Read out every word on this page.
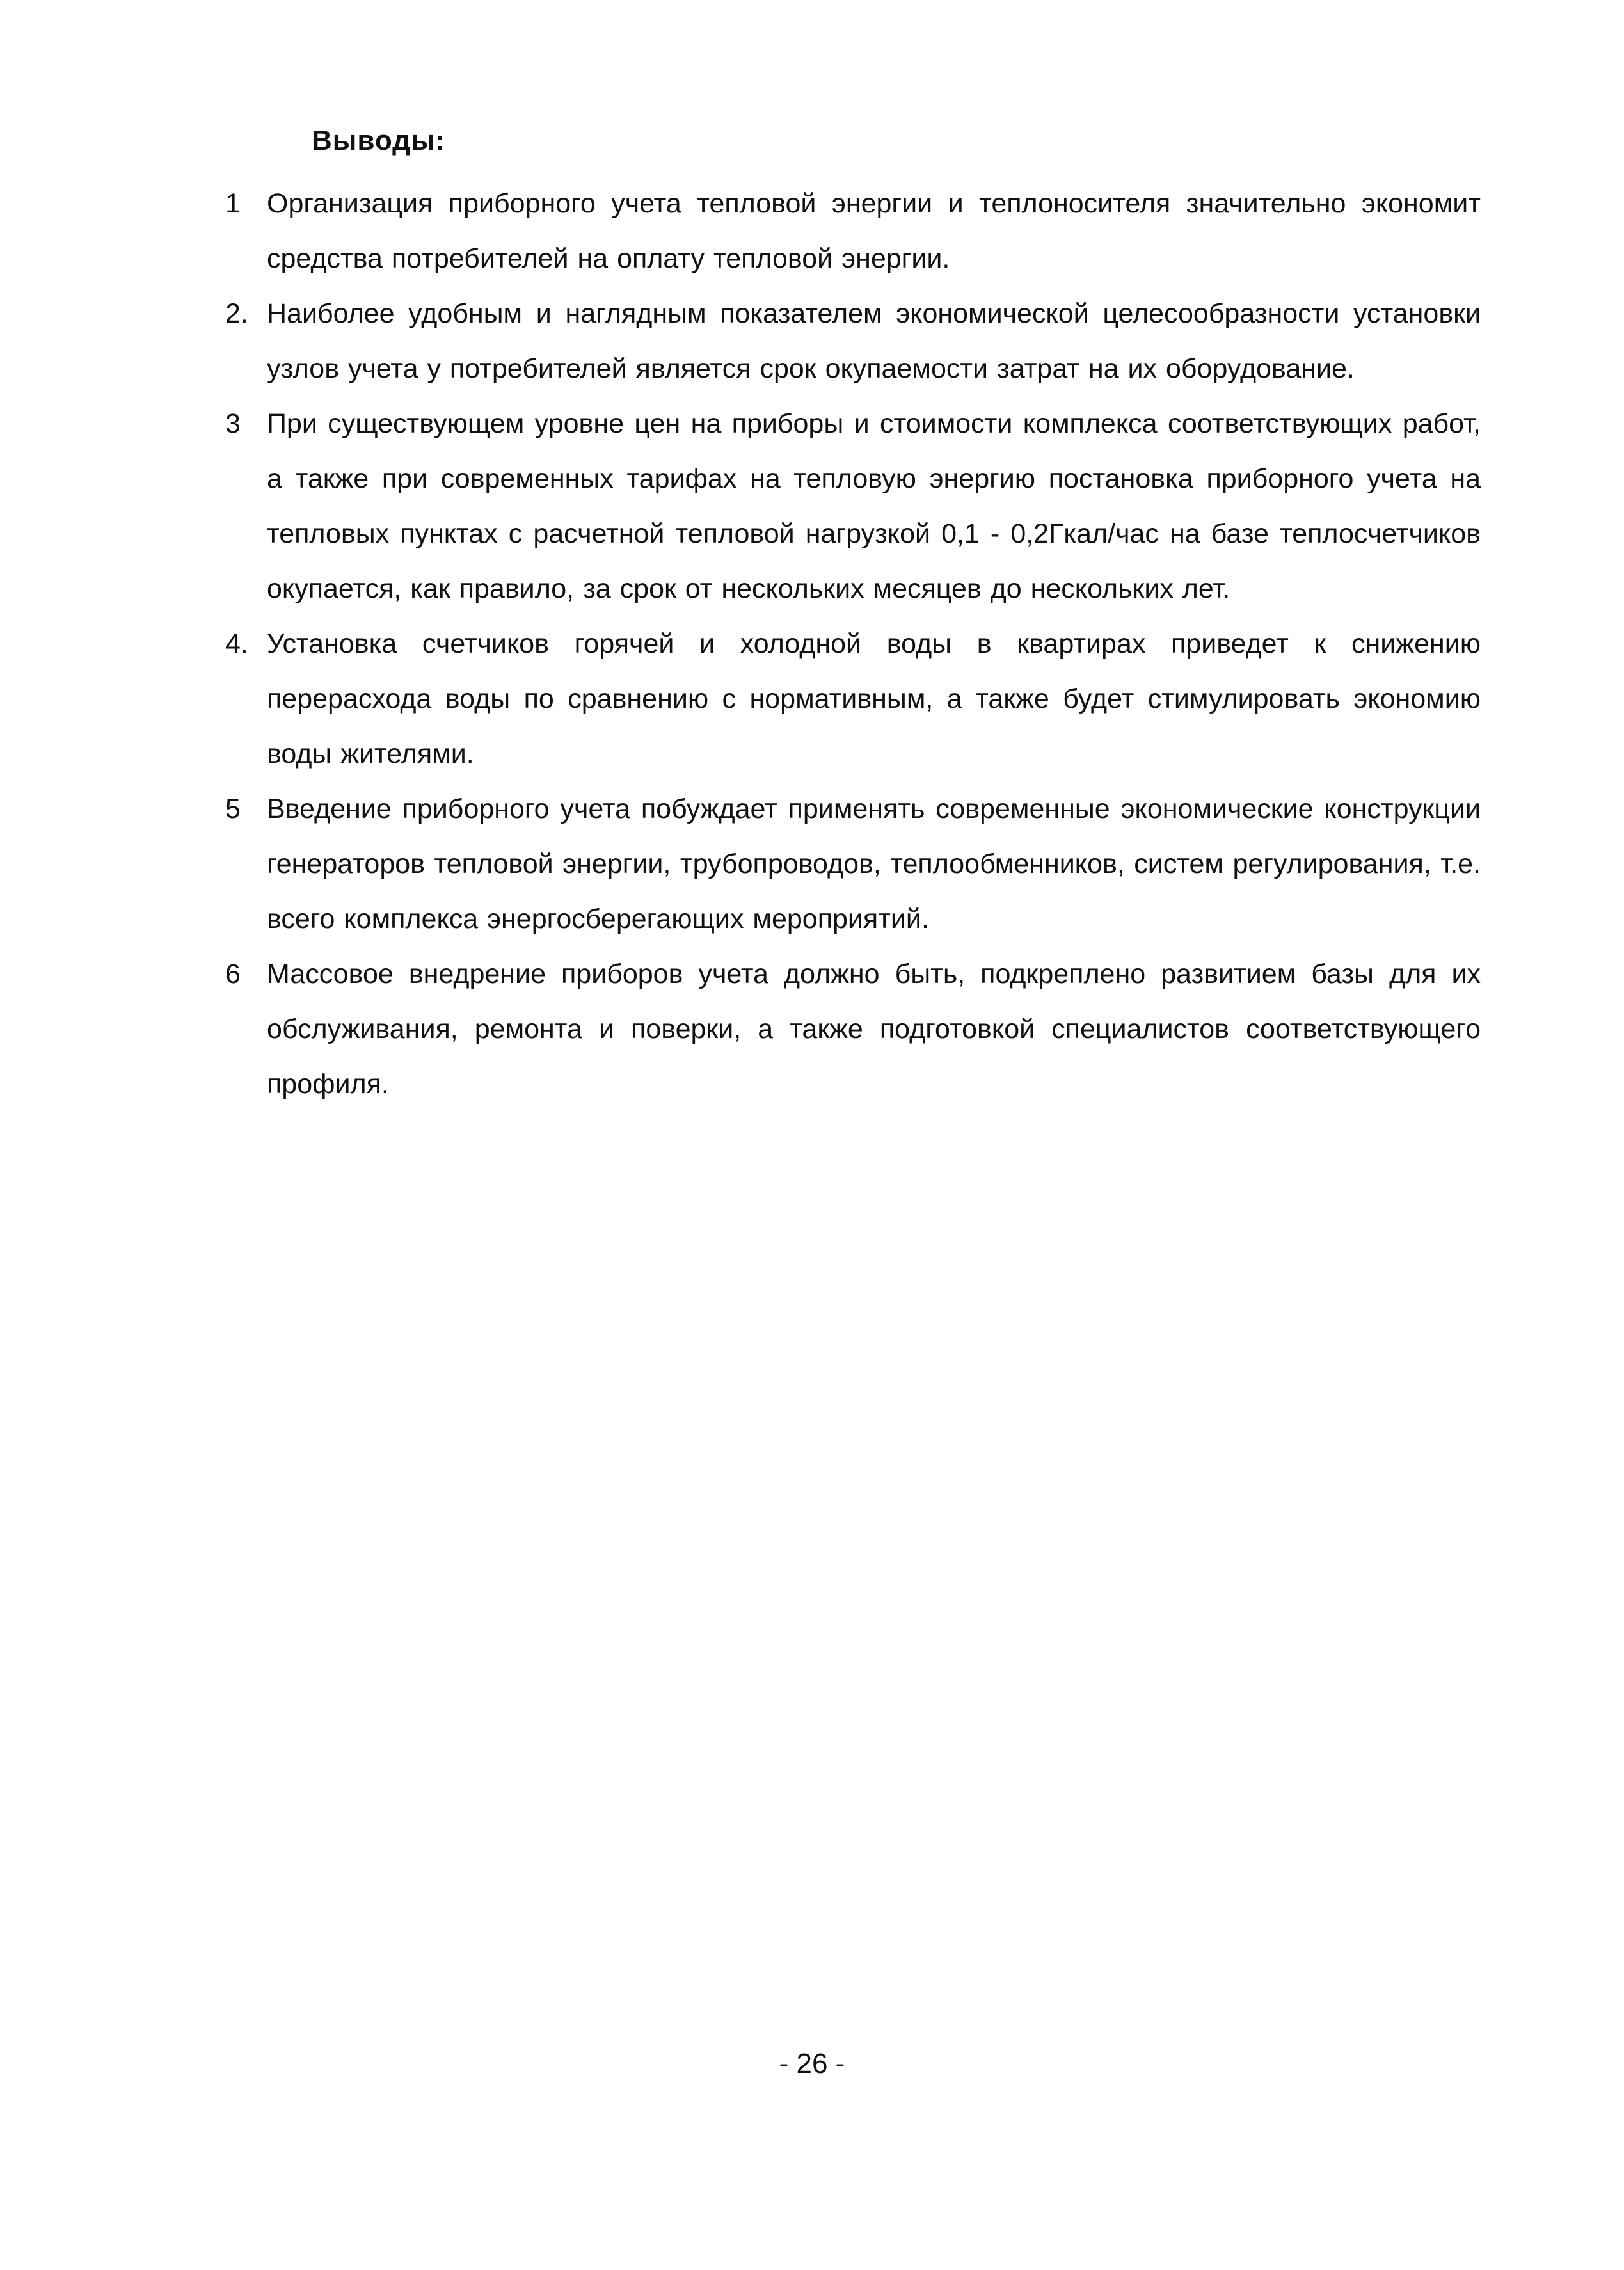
Выводы:
1 Организация приборного учета тепловой энергии и теплоносителя значительно экономит средства потребителей на оплату тепловой энергии.
2. Наиболее удобным и наглядным показателем экономической целесообразности установки узлов учета у потребителей является срок окупаемости затрат на их оборудование.
3 При существующем уровне цен на приборы и стоимости комплекса соответствующих работ, а также при современных тарифах на тепловую энергию постановка приборного учета на тепловых пунктах с расчетной тепловой нагрузкой 0,1 - 0,2Гкал/час на базе теплосчетчиков окупается, как правило, за срок от нескольких месяцев до нескольких лет.
4. Установка счетчиков горячей и холодной воды в квартирах приведет к снижению перерасхода воды по сравнению с нормативным, а также будет стимулировать экономию воды жителями.
5 Введение приборного учета побуждает применять современные экономические конструкции генераторов тепловой энергии, трубопроводов, теплообменников, систем регулирования, т.е. всего комплекса энергосберегающих мероприятий.
6 Массовое внедрение приборов учета должно быть, подкреплено развитием базы для их обслуживания, ремонта и поверки, а также подготовкой специалистов соответствующего профиля.
- 26 -
